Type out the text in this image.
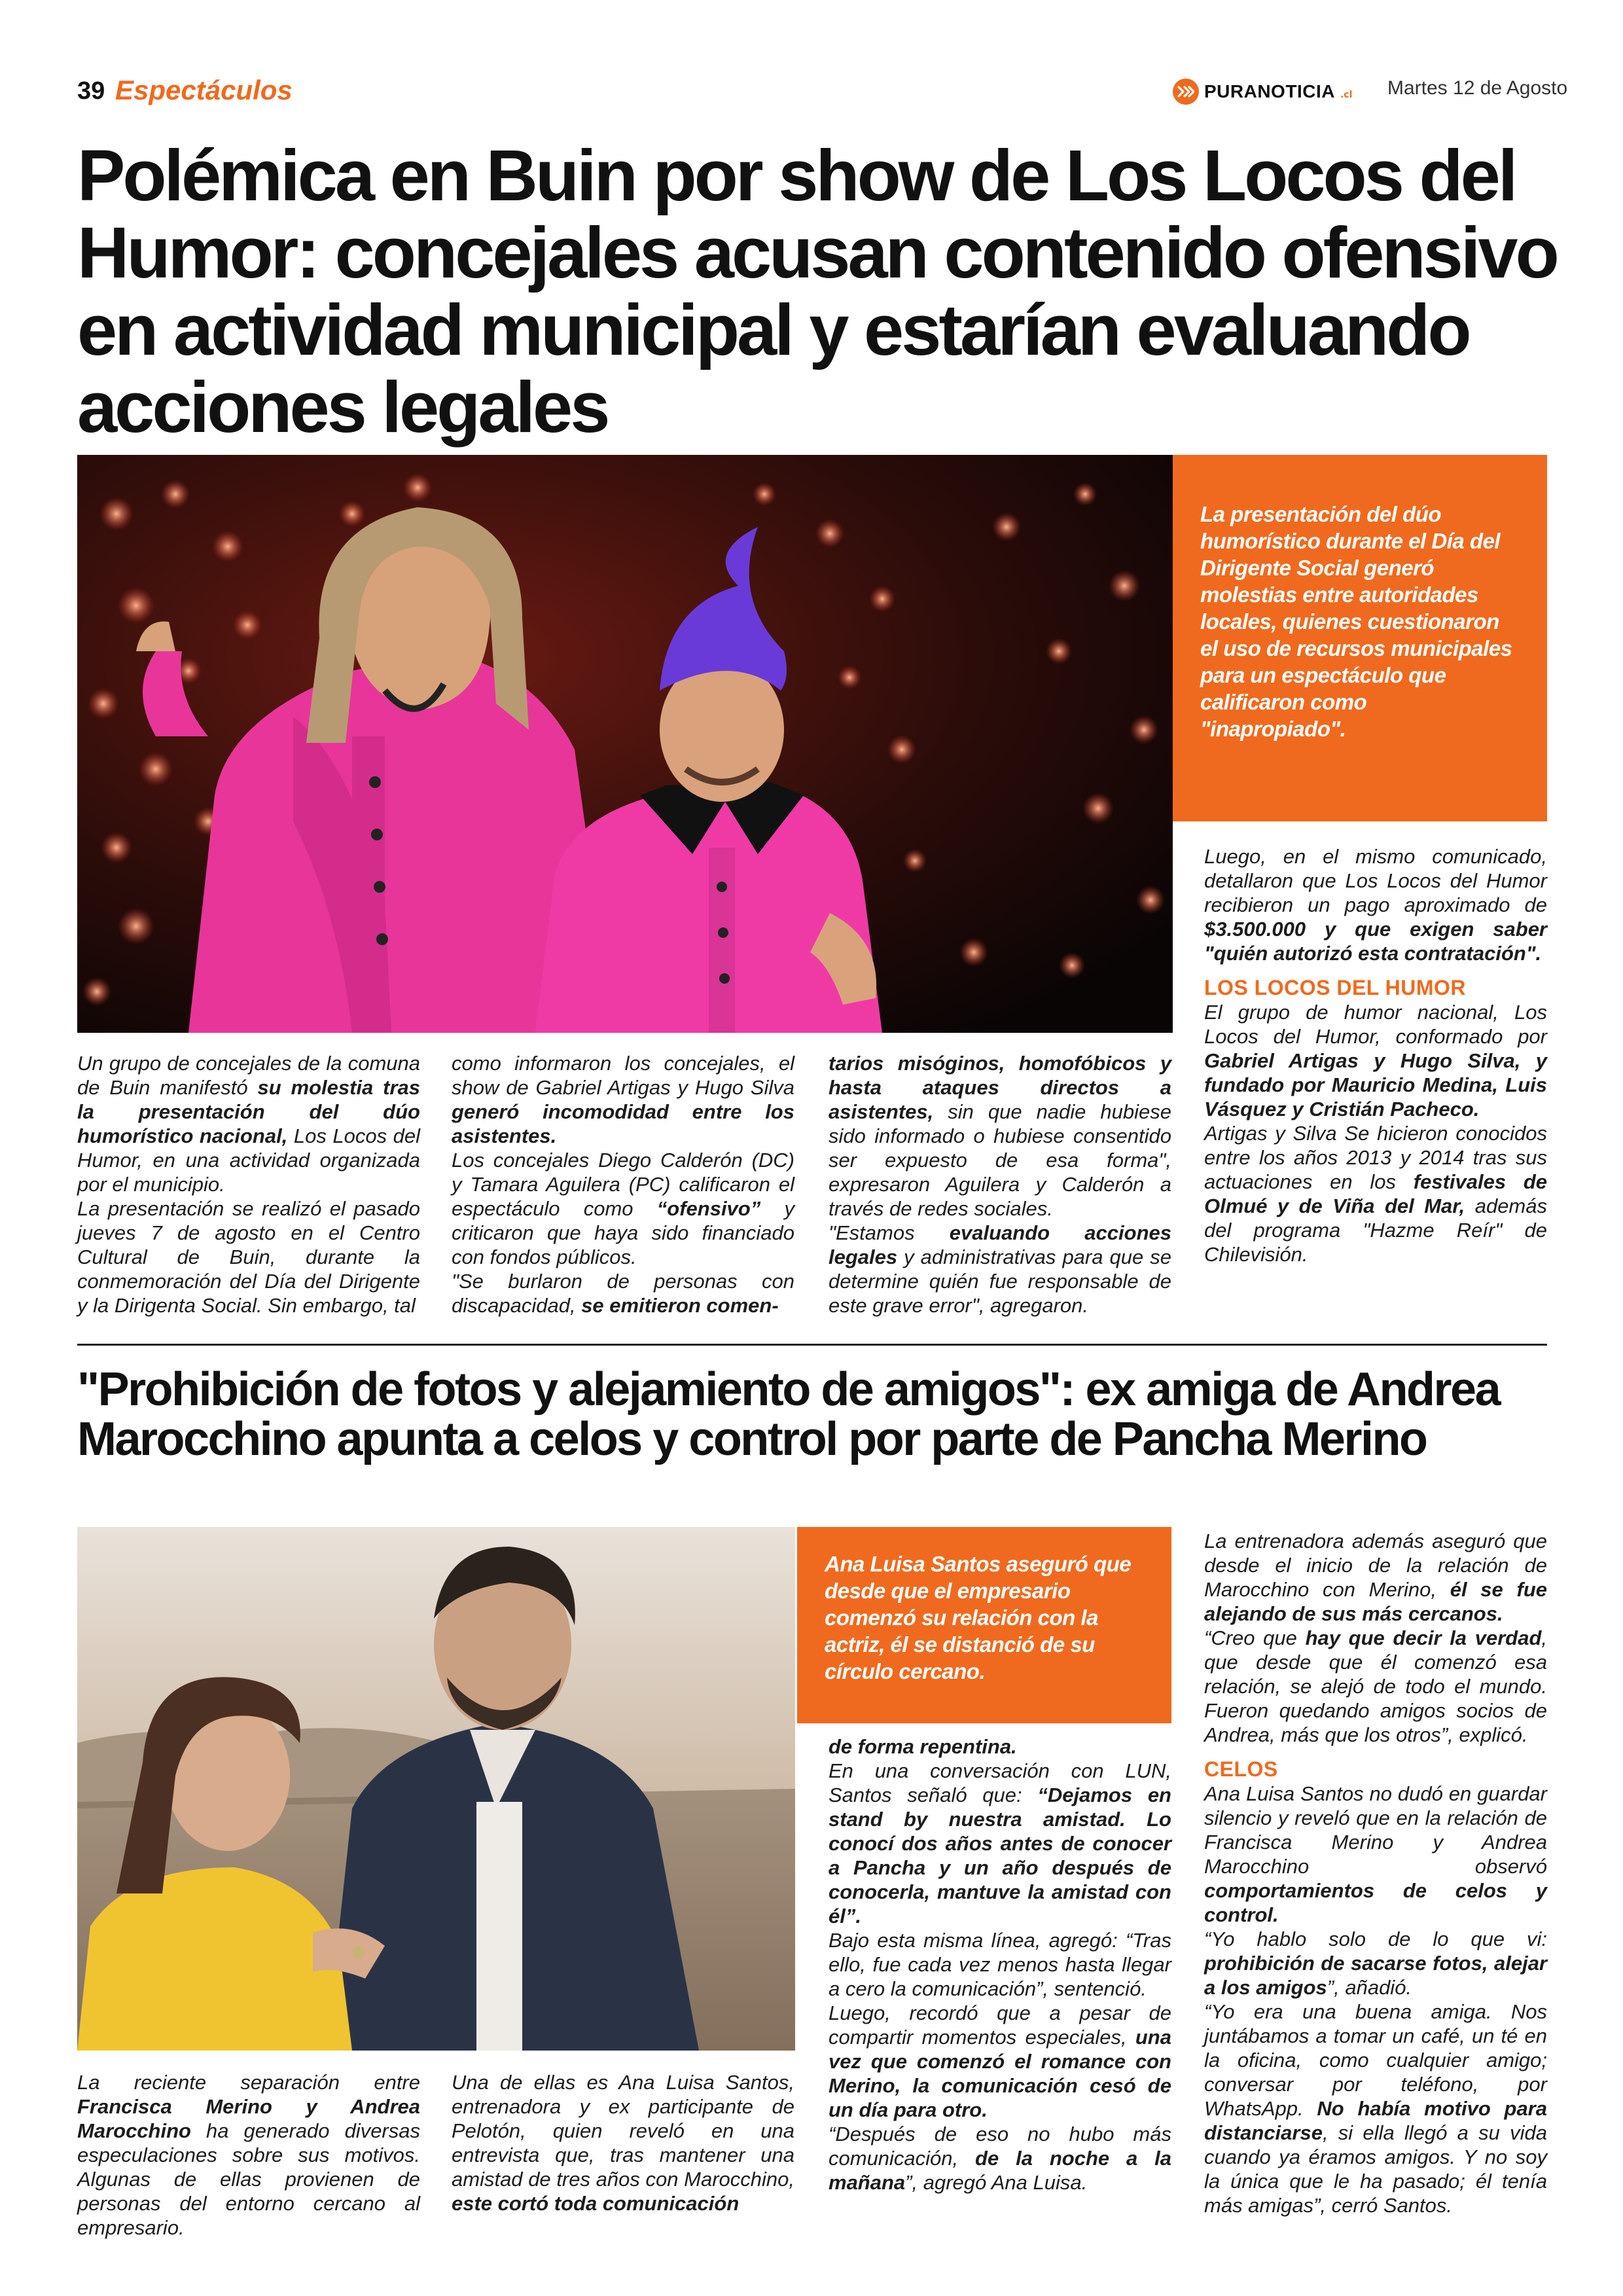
39 Espectáculos	PURANOTICIA .cl Martes 12 de Agosto
Polémica en Buin por show de Los Locos del Humor: concejales acusan contenido ofensivo en actividad municipal y estarían evaluando acciones legales

La presentación del dúo humorístico durante el Día del Dirigente Social generó molestias entre autoridades locales, quienes cuestionaron el uso de recursos municipales para un espectáculo que calificaron como "inapropiado".

Un grupo de concejales de la comuna de Buin manifestó su molestia tras la presentación del dúo humorístico nacional, Los Locos del Humor, en una actividad organizada por el municipio.

La presentación se realizó el pasado jueves 7 de agosto en el Centro Cultural de Buin, durante la conmemoración del Día del Dirigente y la Dirigenta Social. Sin embargo, tal

como informaron los concejales, el show de Gabriel Artigas y Hugo Silva generó incomodidad entre los asistentes.

Los concejales Diego Calderón (DC) y Tamara Aguilera (PC) calificaron el espectáculo como “ofensivo” y criticaron que haya sido financiado con fondos públicos.

"Se burlaron de personas con discapacidad, se emitieron comen-

tarios misóginos, homofóbicos y hasta ataques directos a asistentes, sin que nadie hubiese sido informado o hubiese consentido ser expuesto de esa forma", expresaron Aguilera y Calderón a través de redes sociales.

"Estamos evaluando acciones legales y administrativas para que se determine quién fue responsable de este grave error", agregaron.

Luego, en el mismo comunicado, detallaron que Los Locos del Humor recibieron un pago aproximado de $3.500.000 y que exigen saber "quién autorizó esta contratación".

LOS LOCOS DEL HUMOR

El grupo de humor nacional, Los Locos del Humor, conformado por Gabriel Artigas y Hugo Silva, y fundado por Mauricio Medina, Luis Vásquez y Cristián Pacheco.

Artigas y Silva Se hicieron conocidos entre los años 2013 y 2014 tras sus actuaciones en los festivales de Olmué y de Viña del Mar, además del programa "Hazme Reír" de Chilevisión.

"Prohibición de fotos y alejamiento de amigos": ex amiga de Andrea Marocchino apunta a celos y control por parte de Pancha Merino

Ana Luisa Santos aseguró que desde que el empresario comenzó su relación con la actriz, él se distanció de su círculo cercano.

La reciente separación entre Francisca Merino y Andrea Marocchino ha generado diversas especulaciones sobre sus motivos. Algunas de ellas provienen de personas del entorno cercano al empresario.

Una de ellas es Ana Luisa Santos, entrenadora y ex participante de Pelotón, quien reveló en una entrevista que, tras mantener una amistad de tres años con Marocchino, este cortó toda comunicación

de forma repentina.

En una conversación con LUN, Santos señaló que: “Dejamos en stand by nuestra amistad. Lo conocí dos años antes de conocer a Pancha y un año después de conocerla, mantuve la amistad con él”.

Bajo esta misma línea, agregó: “Tras ello, fue cada vez menos hasta llegar a cero la comunicación”, sentenció.

Luego, recordó que a pesar de compartir momentos especiales, una vez que comenzó el romance con Merino, la comunicación cesó de un día para otro.

“Después de eso no hubo más comunicación, de la noche a la mañana”, agregó Ana Luisa.

La entrenadora además aseguró que desde el inicio de la relación de Marocchino con Merino, él se fue alejando de sus más cercanos.

“Creo que hay que decir la verdad, que desde que él comenzó esa relación, se alejó de todo el mundo. Fueron quedando amigos socios de Andrea, más que los otros”, explicó.

CELOS

Ana Luisa Santos no dudó en guardar silencio y reveló que en la relación de Francisca Merino y Andrea Marocchino observó comportamientos de celos y control.

“Yo hablo solo de lo que vi: prohibición de sacarse fotos, alejar a los amigos”, añadió.

“Yo era una buena amiga. Nos juntábamos a tomar un café, un té en la oficina, como cualquier amigo; conversar por teléfono, por WhatsApp. No había motivo para distanciarse, si ella llegó a su vida cuando ya éramos amigos. Y no soy la única que le ha pasado; él tenía más amigas”, cerró Santos.
